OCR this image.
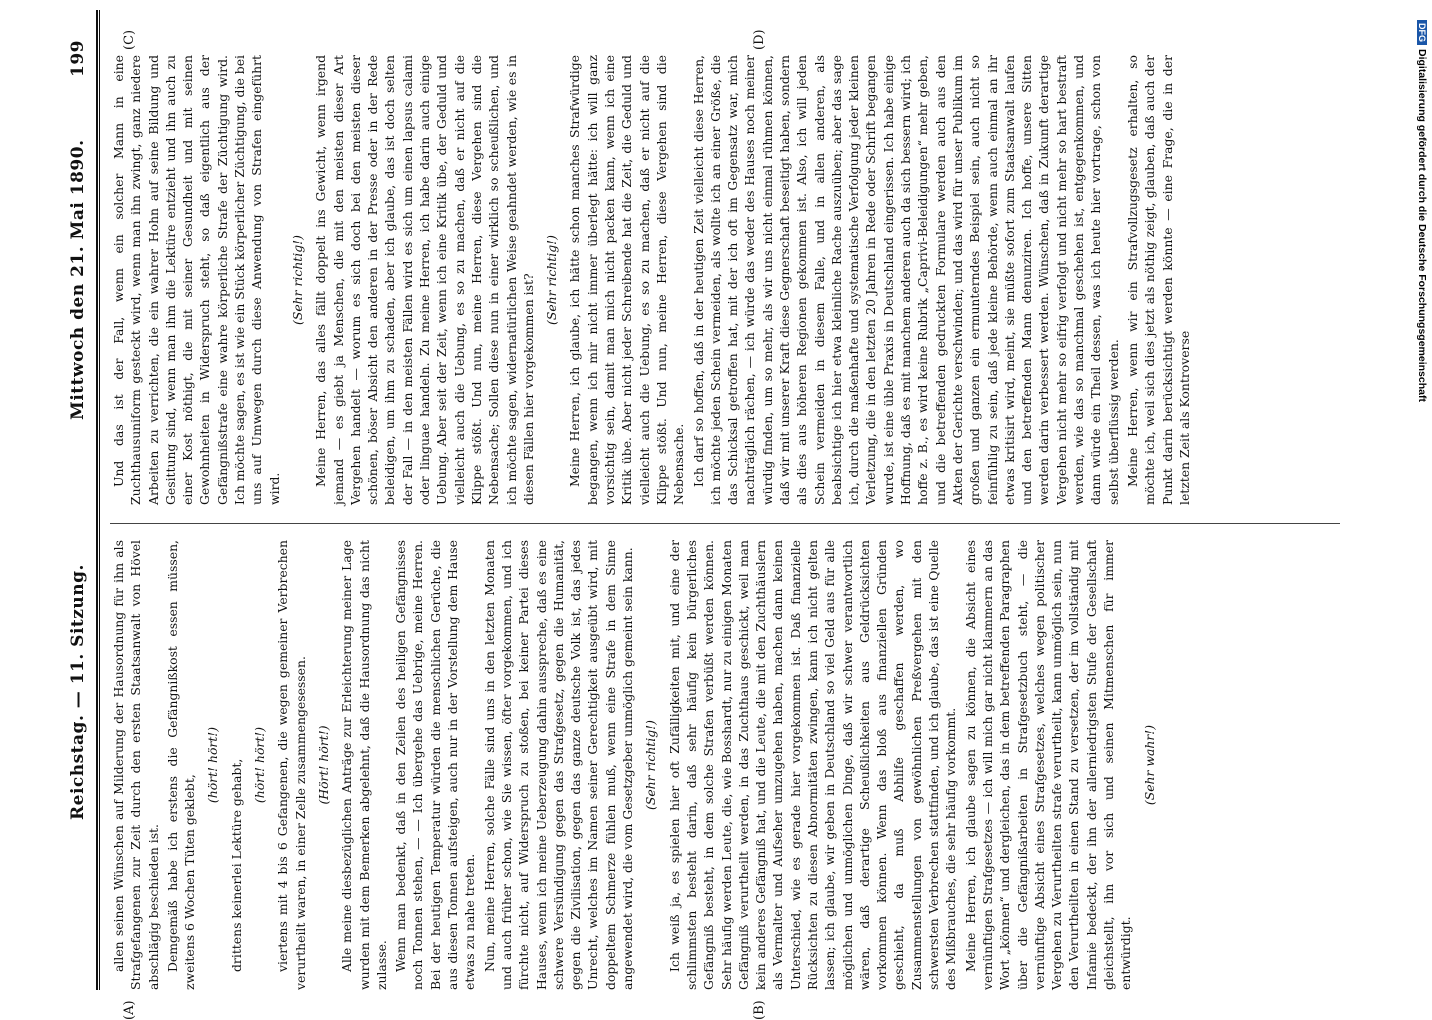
Reichstag. — 11. Sitzung.
Mittwoch den 21. Mai 1890.
199

allen seinen Wünschen auf Milderung der Hausordnung für ihn als Strafgefangenen zur Zeit durch den ersten Staatsanwalt von Hövel abschlägig beschieden ist. Demgemäß habe ich erstens die Gefängnißkost essen müssen, zweitens 6 Wochen Tüten geklebt,

(hört! hört!) drittens keinerlei Lektüre gehabt, (hört! hört!) viertens mit 4 bis 6 Gefangenen, die wegen gemeiner Verbrechen verurtheilt waren, in einer Zelle zusammengesessen. (Hört! hört!) Alle meine diesbezüglichen Anträge zur Erleichterung meiner Lage wurden mit dem Bemerken abgelehnt, daß die Hausordnung das nicht zulasse. Wenn man bedenkt, daß in den Zeilen des heiligen Gefängnisses noch Tonnen stehen, — — Ich übergehe das Uebrige, meine Herren. Bei der heutigen Temperatur würden die menschlichen Gerüche, die aus diesen Tonnen aufsteigen, auch nur in der Vorstellung dem Hause etwas zu nahe treten. Nun, meine Herren, solche Fälle sind uns in den letzten Monaten und auch früher schon, wie Sie wissen, öfter vorgekommen, und ich fürchte nicht, auf Widerspruch zu stoßen, bei keiner Partei dieses Hauses, wenn ich meine Ueberzeugung dahin ausspreche, daß es eine schwere Versündigung gegen das Strafgesetz, gegen die Humanität, gegen die Zivilisation, gegen das ganze deutsche Volk ist, das jedes Unrecht, welches im Namen seiner Gerechtigkeit ausgeübt wird, mit doppeltem Schmerze fühlen muß, wenn eine Strafe in dem Sinne angewendet wird, die vom Gesetzgeber unmöglich gemeint sein kann. (Sehr richtig!) Ich weiß ja, es spielen hier oft Zufälligkeiten mit, und eine der schlimmsten besteht darin, daß sehr häufig kein bürgerliches Gefängniß besteht, in dem solche Strafen verbüßt werden können. Sehr häufig werden Leute, die, wie Bosshardt, nur zu einigen Monaten Gefängniß verurtheilt werden, in das Zuchthaus geschickt, weil man kein anderes Gefängniß hat, und die Leute, die mit den Zuchthäuslern als Vermalter und Aufseher umzugehen haben, machen dann keinen Unterschied, wie es gerade hier vorgekommen ist. Daß finanzielle Rücksichten zu diesen Abnormitäten zwingen, kann ich nicht gelten lassen; ich glaube, wir geben in Deutschland so viel Geld aus für alle möglichen und unmöglichen Dinge, daß wir schwer verantwortlich wären, daß derartige Scheußlichkeiten aus Geldrücksichten vorkommen können. Wenn das bloß aus finanziellen Gründen geschieht, da muß Abhilfe geschaffen werden, wo Zusammenstellungen von gewöhnlichen Preßvergehen mit den schwersten Verbrechen stattfinden, und ich glaube, das ist eine Quelle des Mißbrauches, die sehr häufig vorkommt. Meine Herren, ich glaube sagen zu können, die Absicht eines vernünftigen Strafgesetzes — ich will mich gar nicht klammern an das Wort „können“ und dergleichen, das in dem betreffenden Paragraphen über die Gefängnißarbeiten in Strafgesetzbuch steht, — die vernünftige Absicht eines Strafgesetzes, welches wegen politischer Vergehen zu Verurtheilten strafe verurtheilt, kann unmöglich sein, nun den Verurtheilten in einen Stand zu versetzen, der im vollständig mit Infamie bedeckt, der ihn der allerniedrigsten Stufe der Gesellschaft gleichstellt, ihn vor sich und seinen Mitmenschen für immer entwürdigt.

(Sehr wahr!)

Und das ist der Fall, wenn ein solcher Mann in eine Zuchthausuniform gesteckt wird, wenn man ihn zwingt, ganz niedere Arbeiten zu verrichten, die ein wahrer Hohn auf seine Bildung und Gesittung sind, wenn man ihm die Lektüre entzieht und ihn auch zu einer Kost nöthigt, die mit seiner Gesundheit und mit seinen Gewohnheiten in Widerspruch steht, so daß eigentlich aus der Gefängnißstrafe eine wahre körperliche Strafe der Züchtigung wird. Ich möchte sagen, es ist wie ein Stück körperlicher Züchtigung, die bei uns auf Umwegen durch diese Anwendung von Strafen eingeführt wird.

(Sehr richtig!) Meine Herren, das alles fällt doppelt ins Gewicht, wenn irgend jemand — es giebt ja Menschen, die mit den meisten dieser Art Vergehen handelt — worum es sich doch bei den meisten dieser schönen, böser Absicht den anderen in der Presse oder in der Rede beleidigen, um ihm zu schaden, aber ich glaube, das ist doch selten der Fall — in den meisten Fällen wird es sich um einen lapsus calami oder linguae handeln. Zu meine Herren, ich habe darin auch einige Uebung. Aber seit der Zeit, wenn ich eine Kritik übe, der Geduld und vielleicht auch die Uebung, es so zu machen, daß er nicht auf die Klippe stößt. Und nun, meine Herren, diese Vergehen sind die Nebensache; Sollen diese nun in einer wirklich so scheußlichen, und ich möchte sagen, widernatürlichen Weise geahndet werden, wie es in diesen Fällen hier vorgekommen ist? (Sehr richtig!) Meine Herren, ich glaube, ich hätte schon manches Strafwürdige begangen, wenn ich mir nicht immer überlegt hätte: ich will ganz vorsichtig sein, damit man mich nicht packen kann, wenn ich eine Kritik übe. Aber nicht jeder Schreibende hat die Zeit, die Geduld und vielleicht auch die Uebung, es so zu machen, daß er nicht auf die Klippe stößt. Und nun, meine Herren, diese Vergehen sind die Nebensache. Ich darf so hoffen, daß in der heutigen Zeit vielleicht diese Herren, ich möchte jeden Schein vermeiden, als wollte ich an einer Größe, die das Schicksal getroffen hat, mit der ich oft im Gegensatz war, mich nachträglich rächen, — ich würde das weder des Hauses noch meiner würdig finden, um so mehr, als wir uns nicht einmal rühmen können, daß wir mit unserer Kraft diese Gegnerschaft beseitigt haben, sondern als dies aus höheren Regionen gekommen ist. Also, ich will jeden Schein vermeiden in diesem Falle, und in allen anderen, als beabsichtige ich hier etwa kleinliche Rache auszuüben; aber das sage ich, durch die maßenhafte und systematische Verfolgung jeder kleinen Verletzung, die in den letzten 20 Jahren in Rede oder Schrift begangen wurde, ist eine üble Praxis in Deutschland eingerissen. Ich habe einige Hoffnung, daß es mit manchem anderen auch da sich bessern wird; ich hoffe z. B., es wird keine Rubrik „Caprivi-Beleidigungen“ mehr geben, und die betreffenden gedruckten Formulare werden auch aus den Akten der Gerichte verschwinden; und das wird für unser Publikum im großen und ganzen ein ermunterndes Beispiel sein, auch nicht so feinfühlig zu sein, daß jede kleine Behörde, wenn auch einmal an ihr etwas kritisirt wird, meint, sie müßte sofort zum Staatsanwalt laufen und den betreffenden Mann denunziren. Ich hoffe, unsere Sitten werden darin verbessert werden. Wünschen, daß in Zukunft derartige Vergehen nicht mehr so eifrig verfolgt und nicht mehr so hart bestraft werden, wie das so manchmal geschehen ist, entgegenkommen, und dann würde ein Theil dessen, was ich heute hier vortrage, schon von selbst überflüssig werden. Meine Herren, wenn wir ein Strafvollzugsgesetz erhalten, so möchte ich, weil sich dies jetzt als nöthig zeigt, glauben, daß auch der Punkt darin berücksichtigt werden könnte — eine Frage, die in der letzten Zeit als Kontroverse

(A)	(B)
(C)	(D)	DFGDigitalisierung gefördert durch die Deutsche Forschungsgemeinschaft
